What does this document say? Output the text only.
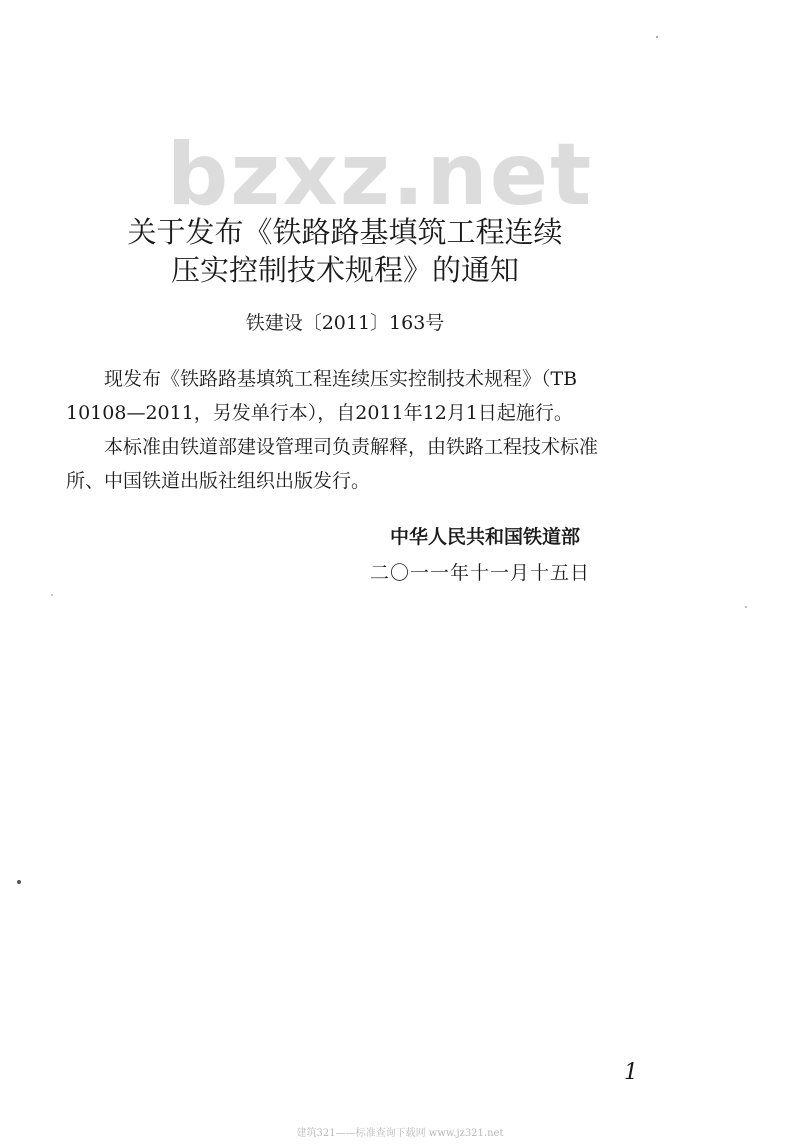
bzxz.net
关于发布《铁路路基填筑工程连续
压实控制技术规程》的通知
铁建设〔2011〕163号
现发布《铁路路基填筑工程连续压实控制技术规程》（TB
10108—2011，另发单行本），自2011年12月1日起施行。
本标准由铁道部建设管理司负责解释，由铁路工程技术标准
所、中国铁道出版社组织出版发行。
中华人民共和国铁道部
二〇一一年十一月十五日
1
建筑321——标准查询下载网 www.jz321.net
